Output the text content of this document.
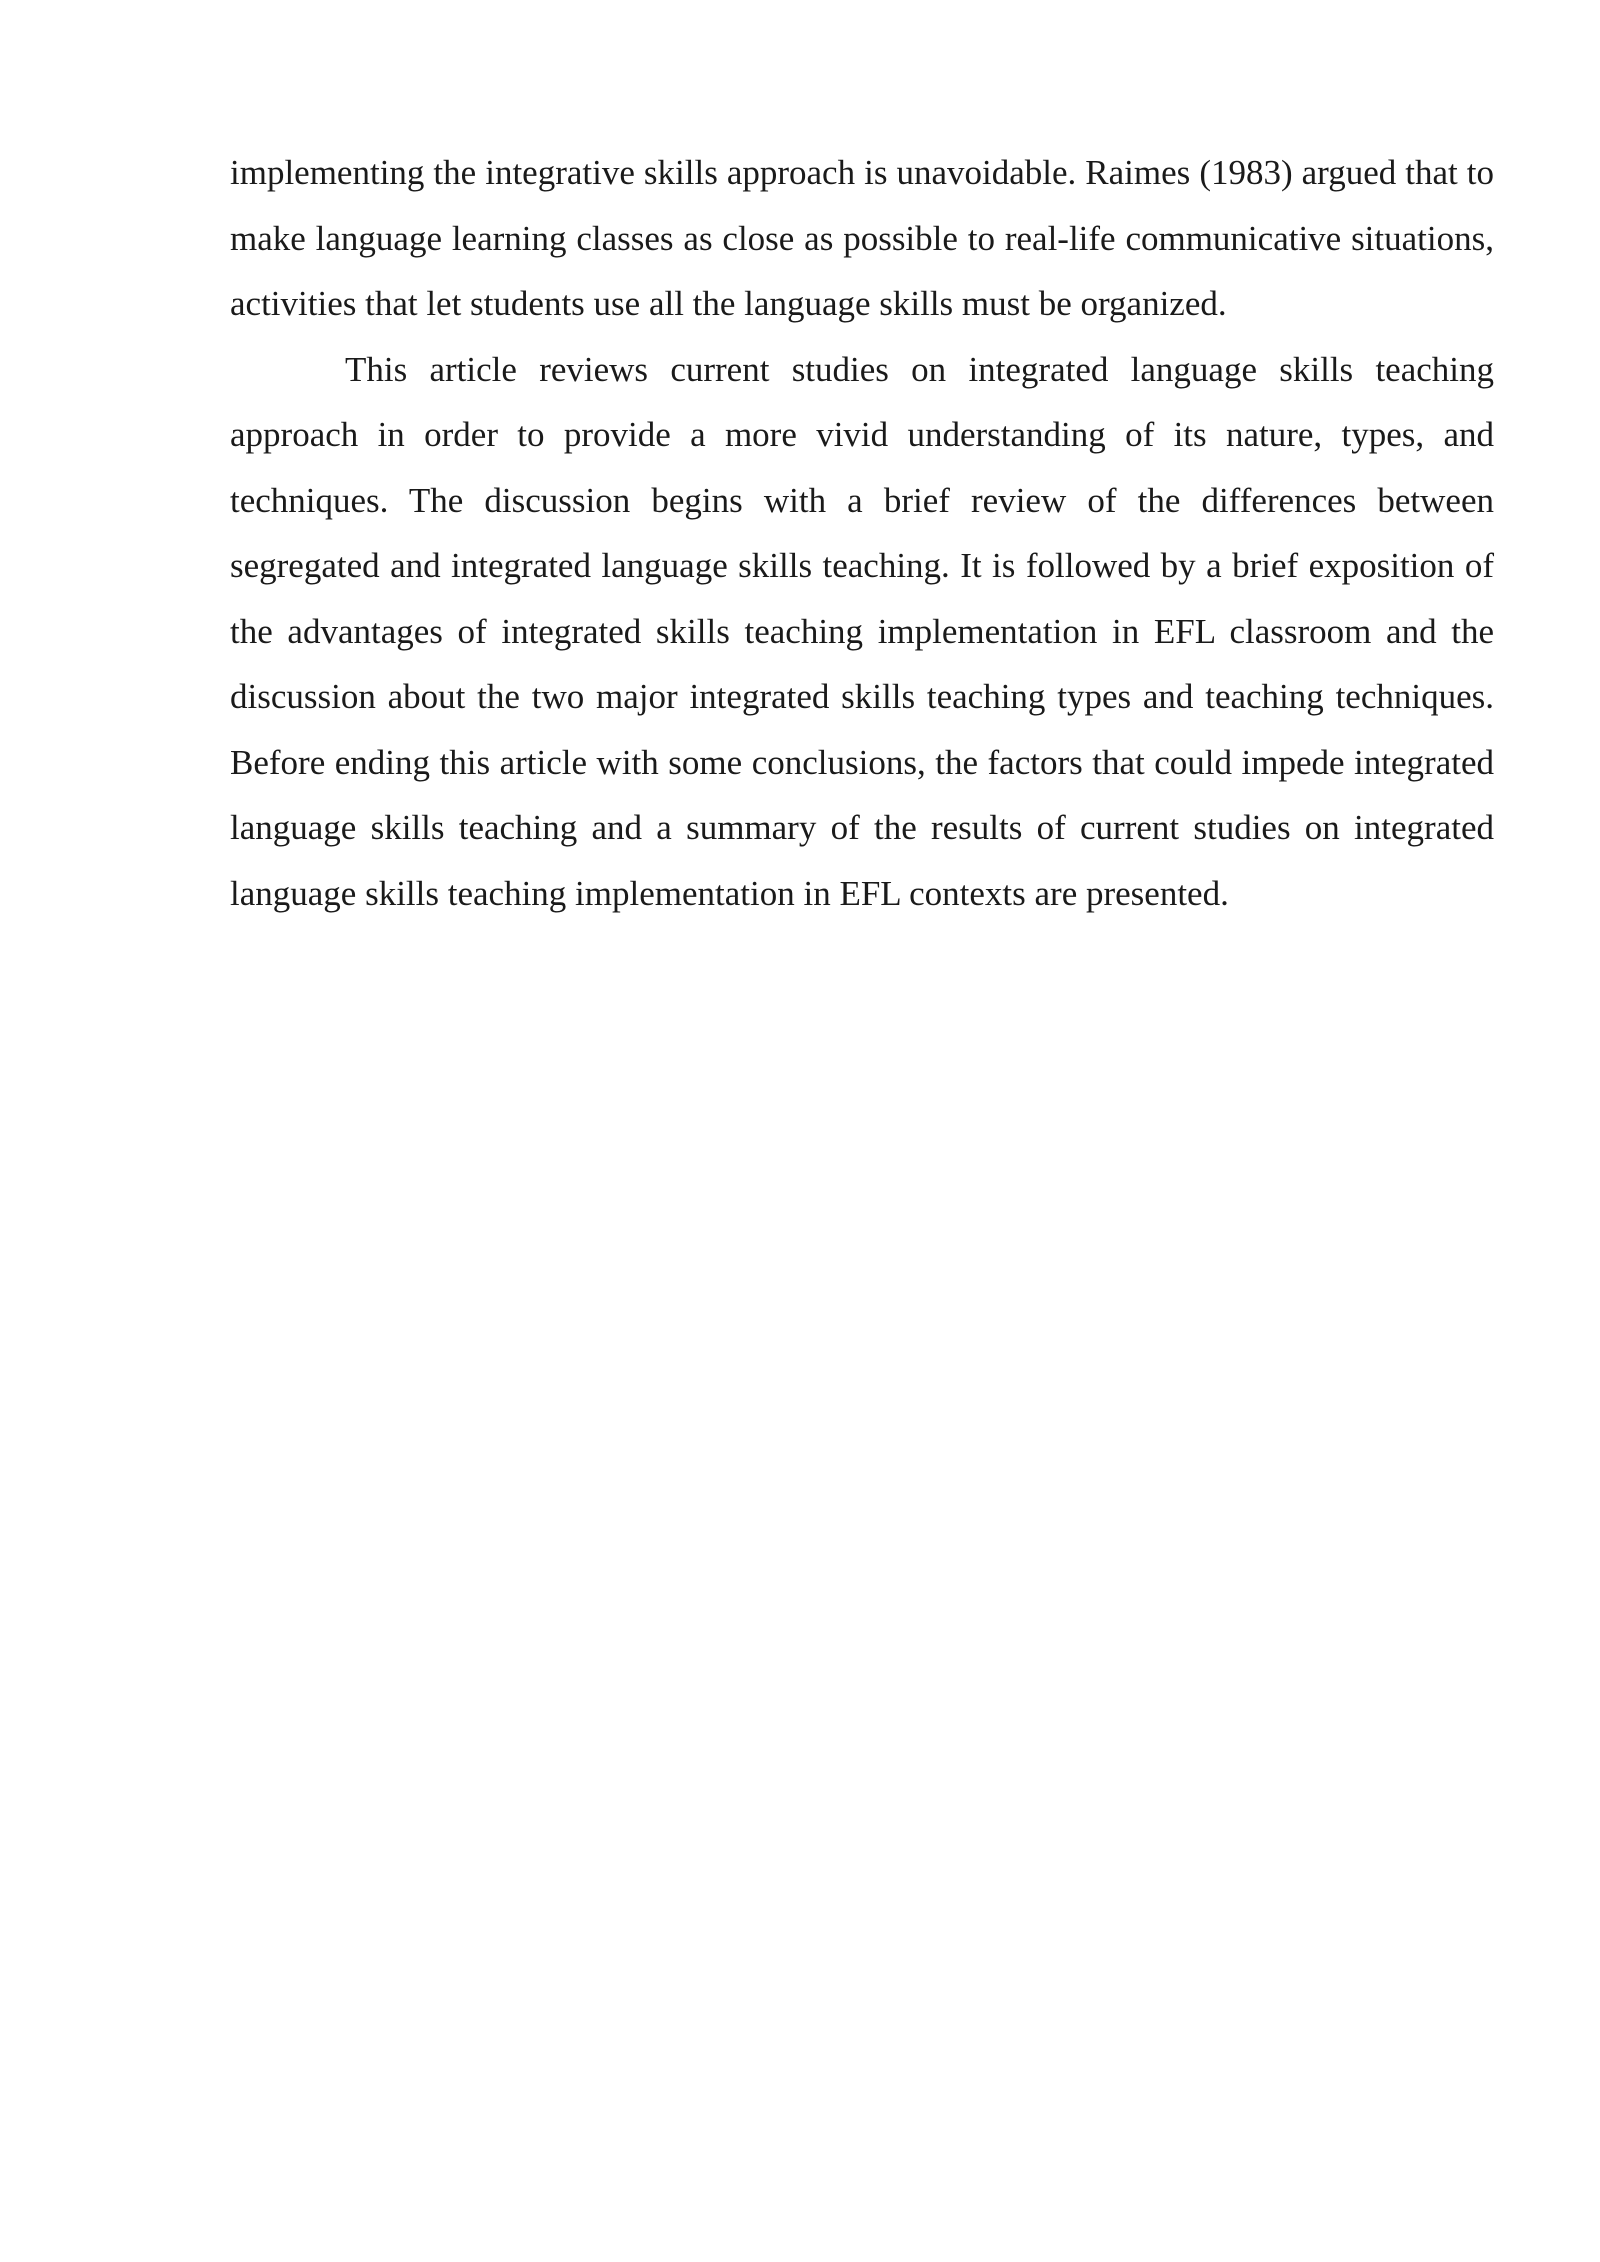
implementing the integrative skills approach is unavoidable. Raimes (1983) argued that to make language learning classes as close as possible to real-life communicative situations, activities that let students use all the language skills must be organized.

This article reviews current studies on integrated language skills teaching approach in order to provide a more vivid understanding of its nature, types, and techniques. The discussion begins with a brief review of the differences between segregated and integrated language skills teaching. It is followed by a brief exposition of the advantages of integrated skills teaching implementation in EFL classroom and the discussion about the two major integrated skills teaching types and teaching techniques. Before ending this article with some conclusions, the factors that could impede integrated language skills teaching and a summary of the results of current studies on integrated language skills teaching implementation in EFL contexts are presented.
